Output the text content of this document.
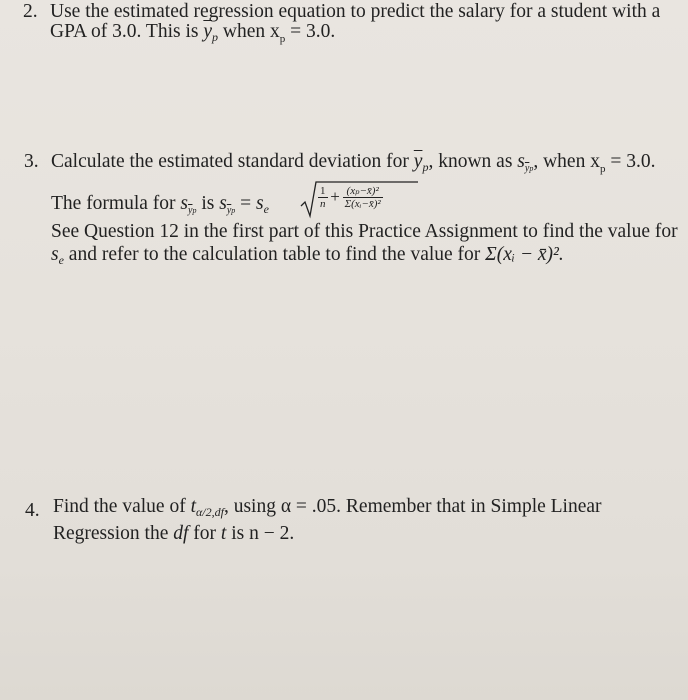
2. Use the estimated regression equation to predict the salary for a student with a
GPA of 3.0. This is $\overline{y}_p$ when $x_p = 3.0$.
3. Calculate the estimated standard deviation for $\overline{y}_p$, known as $s_{\overline{y}p}$, when $x_p = 3.0$.
The formula for $s_{\overline{y}p}$ is $s_{\overline{y}p} = s_e$	$\frac{1}{n} + \frac{\text{(xₚ−x̄)²}}{\text{Σ(xᵢ−x̄)²}}$
See Question 12 in the first part of this Practice Assignment to find the value for
$s_e$ and refer to the calculation table to find the value for Σ(xᵢ − x̄)².
4. Find the value of $t_{\alpha/2,df}$, using α = .05. Remember that in Simple Linear
Regression the df for t is n − 2.
